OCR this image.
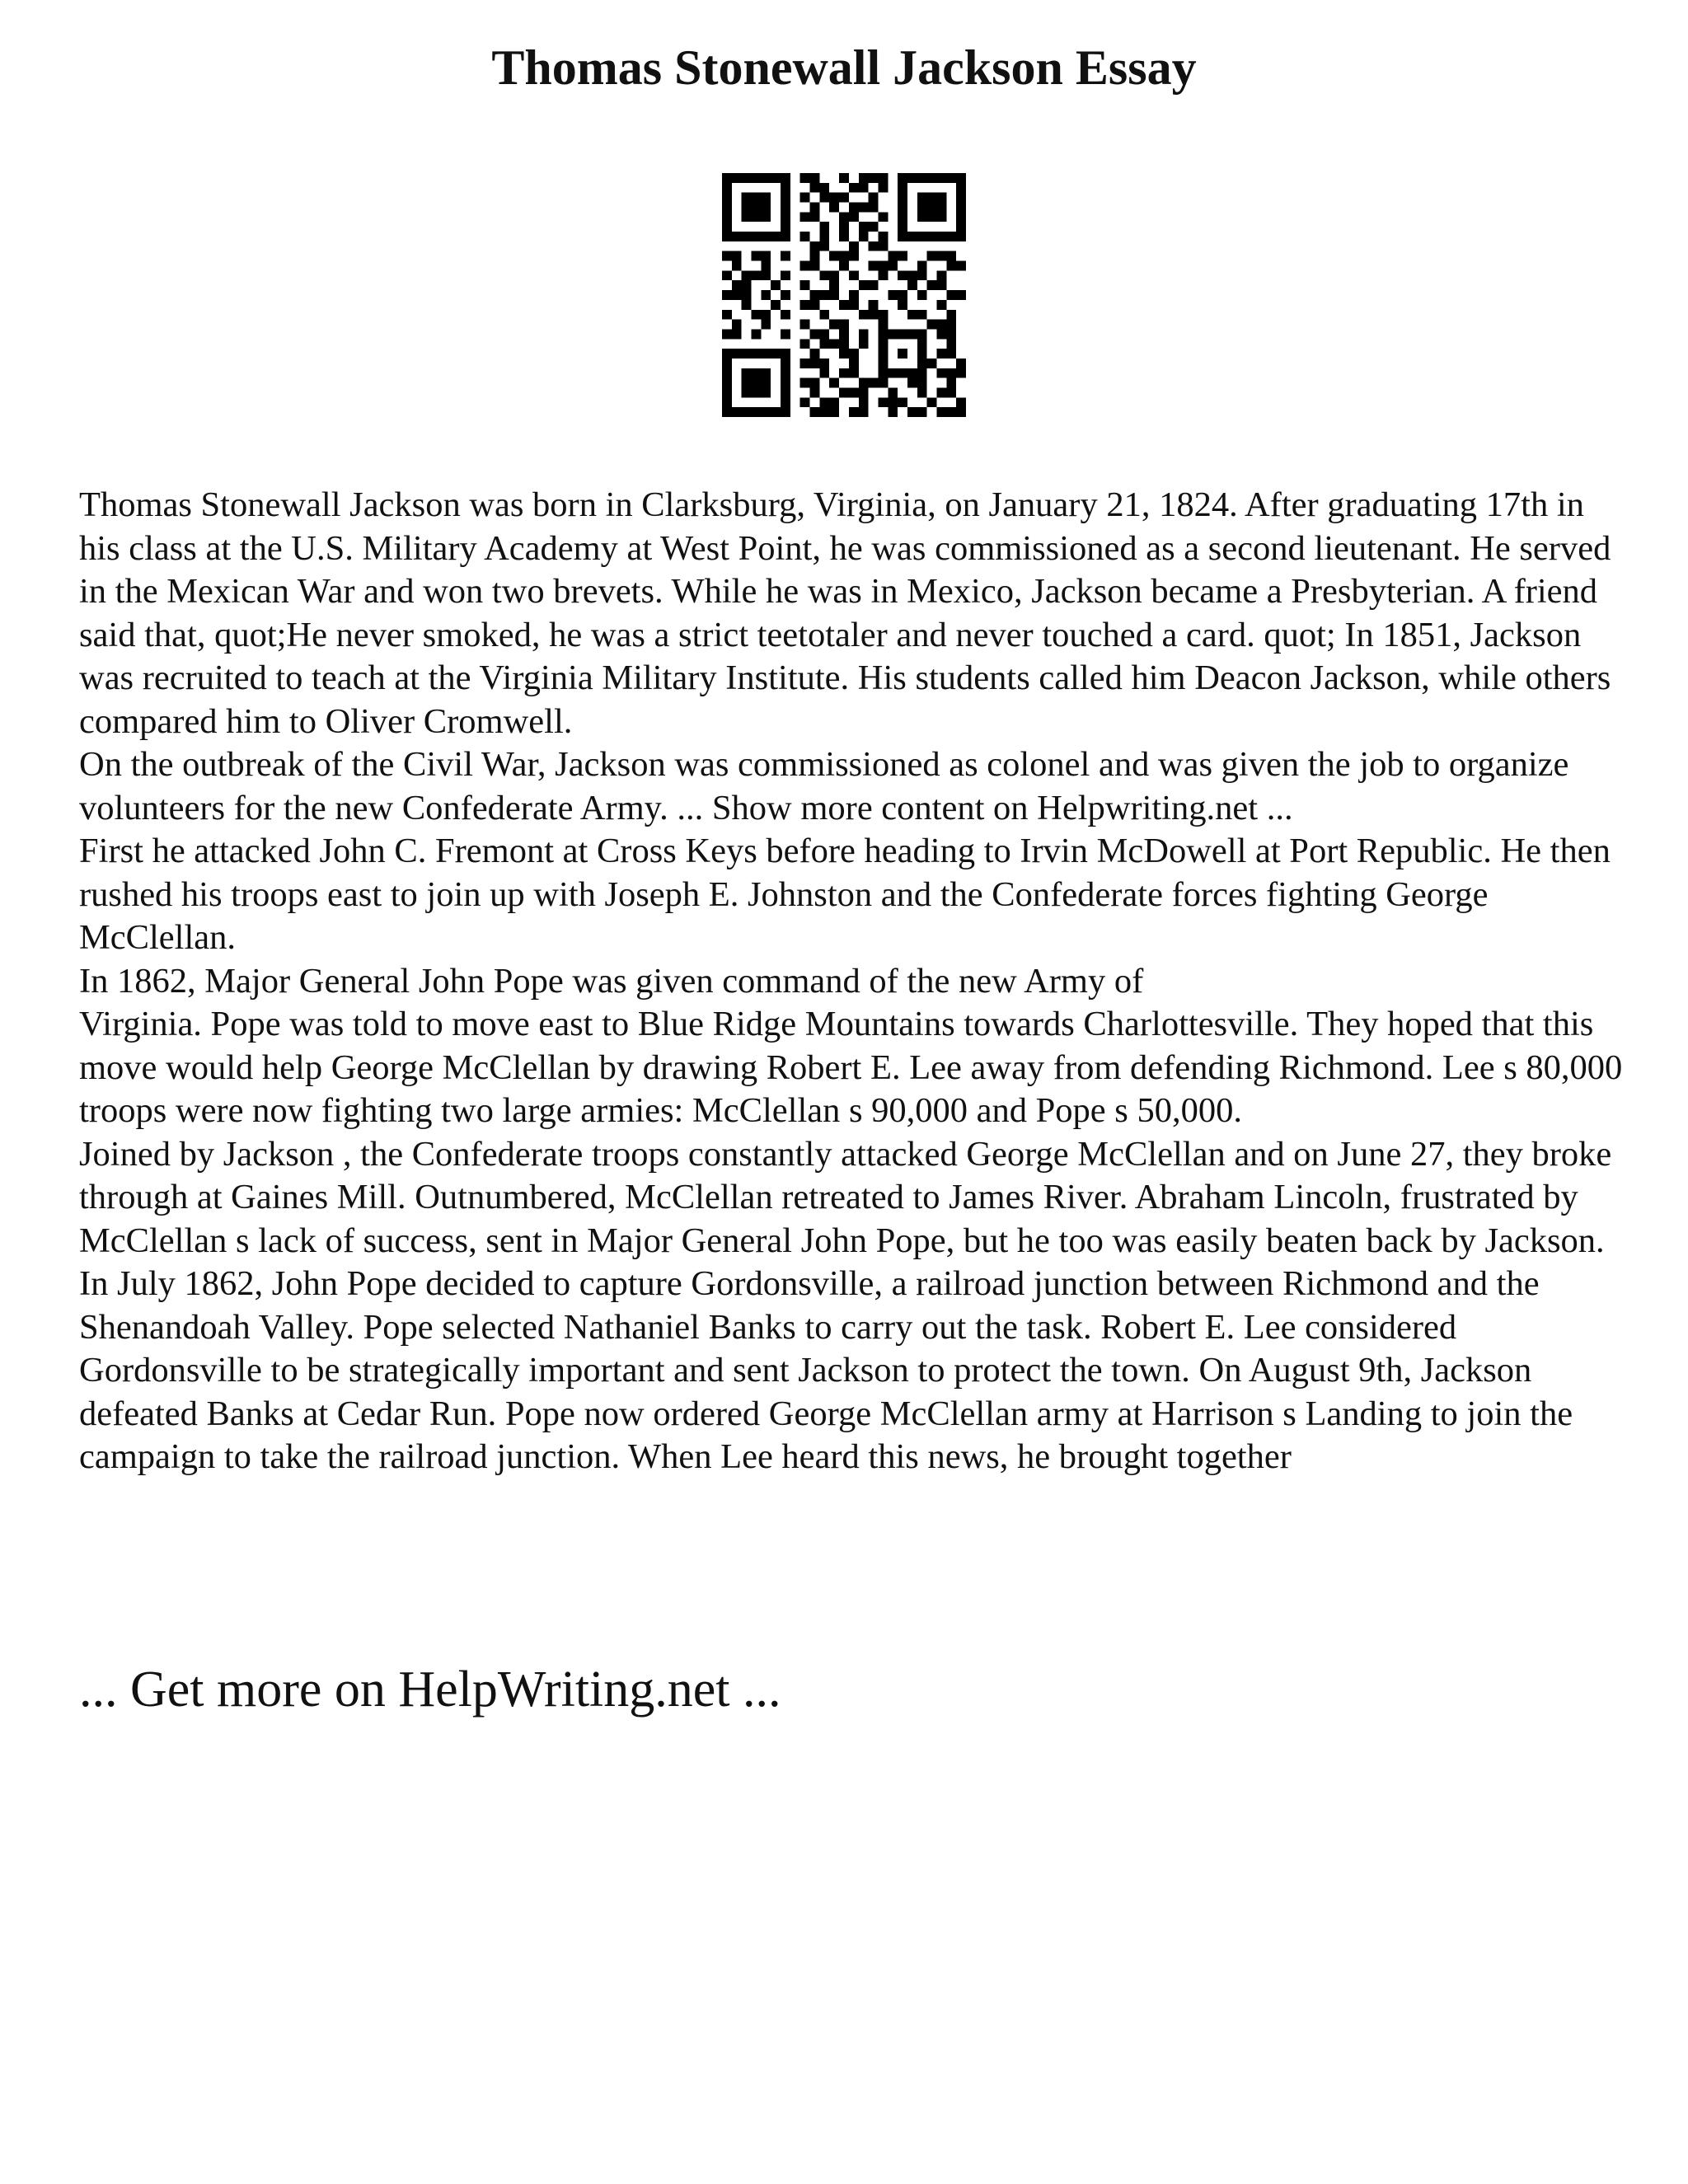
Thomas Stonewall Jackson Essay

Thomas Stonewall Jackson was born in Clarksburg, Virginia, on January 21, 1824. After graduating 17th in his class at the U.S. Military Academy at West Point, he was commissioned as a second lieutenant. He served in the Mexican War and won two brevets. While he was in Mexico, Jackson became a Presbyterian. A friend said that, quot;He never smoked, he was a strict teetotaler and never touched a card. quot; In 1851, Jackson was recruited to teach at the Virginia Military Institute. His students called him Deacon Jackson, while others compared him to Oliver Cromwell.

On the outbreak of the Civil War, Jackson was commissioned as colonel and was given the job to organize volunteers for the new Confederate Army. ... Show more content on Helpwriting.net ...

First he attacked John C. Fremont at Cross Keys before heading to Irvin McDowell at Port Republic. He then rushed his troops east to join up with Joseph E. Johnston and the Confederate forces fighting George McClellan.

In 1862, Major General John Pope was given command of the new Army of

Virginia. Pope was told to move east to Blue Ridge Mountains towards Charlottesville. They hoped that this move would help George McClellan by drawing Robert E. Lee away from defending Richmond. Lee s 80,000 troops were now fighting two large armies: McClellan s 90,000 and Pope s 50,000.

Joined by Jackson , the Confederate troops constantly attacked George McClellan and on June 27, they broke through at Gaines Mill. Outnumbered, McClellan retreated to James River. Abraham Lincoln, frustrated by McClellan s lack of success, sent in Major General John Pope, but he too was easily beaten back by Jackson.

In July 1862, John Pope decided to capture Gordonsville, a railroad junction between Richmond and the Shenandoah Valley. Pope selected Nathaniel Banks to carry out the task. Robert E. Lee considered Gordonsville to be strategically important and sent Jackson to protect the town. On August 9th, Jackson defeated Banks at Cedar Run. Pope now ordered George McClellan army at Harrison s Landing to join the campaign to take the railroad junction. When Lee heard this news, he brought together

... Get more on HelpWriting.net ...
